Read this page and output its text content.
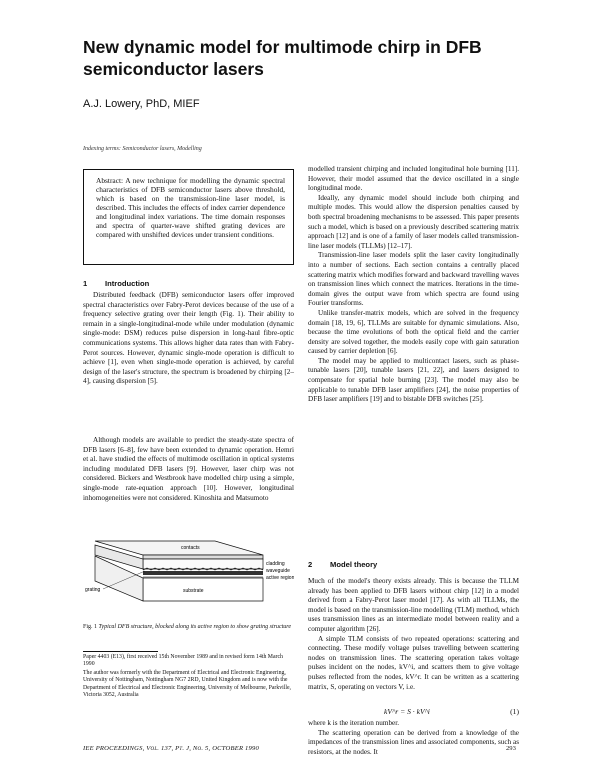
New dynamic model for multimode chirp in DFB semiconductor lasers
A.J. Lowery, PhD, MIEF
Indexing terms: Semiconductor lasers, Modelling
Abstract: A new technique for modelling the dynamic spectral characteristics of DFB semiconductor lasers above threshold, which is based on the transmission-line laser model, is described. This includes the effects of index carrier dependence and longitudinal index variations. The time domain responses and spectra of quarter-wave shifted grating devices are compared with unshifted devices under transient conditions.
1 Introduction

Distributed feedback (DFB) semiconductor lasers offer improved spectral characteristics over Fabry-Perot devices because of the use of a frequency selective grating over their length (Fig. 1). Their ability to remain in a single-longitudinal-mode while under modulation (dynamic single-mode: DSM) reduces pulse dispersion in long-haul fibre-optic communications systems. This allows higher data rates than with Fabry-Perot sources. However, dynamic single-mode operation is difficult to achieve [1], even when single-mode operation is achieved, by careful design of the laser's structure, the spectrum is broadened by chirping [2–4], causing dispersion [5].

Although models are available to predict the steady-state spectra of DFB lasers [6–8], few have been extended to dynamic operation. Hemri et al. have studied the effects of multimode oscillation in optical systems including modulated DFB lasers [9]. However, laser chirp was not considered. Bickers and Westbrook have modelled chirp using a simple, single-mode rate-equation approach [10]. However, longitudinal inhomogeneities were not considered. Kinoshita and Matsumoto

contacts
cladding
waveguide
active region
substrate
grating
Fig. 1 Typical DFB structure, blocked along its active region to show grating structure

Paper 4403 (E13), first received 15th November 1989 and in revised form 14th March 1990

The author was formerly with the Department of Electrical and Electronic Engineering, University of Nottingham, Nottingham NG7 2RD, United Kingdom and is now with the Department of Electrical and Electronic Engineering, University of Melbourne, Parkville, Victoria 3052, Australia

modelled transient chirping and included longitudinal hole burning [11]. However, their model assumed that the device oscillated in a single longitudinal mode.

Ideally, any dynamic model should include both chirping and multiple modes. This would allow the dispersion penalties caused by both spectral broadening mechanisms to be assessed. This paper presents such a model, which is based on a previously described scattering matrix approach [12] and is one of a family of laser models called transmission-line laser models (TLLMs) [12–17].

Transmission-line laser models split the laser cavity longitudinally into a number of sections. Each section contains a centrally placed scattering matrix which modifies forward and backward travelling waves on transmission lines which connect the matrices. Iterations in the time-domain gives the output wave from which spectra are found using Fourier transforms.

Unlike transfer-matrix models, which are solved in the frequency domain [18, 19, 6], TLLMs are suitable for dynamic simulations. Also, because the time evolutions of both the optical field and the carrier density are solved together, the models easily cope with gain saturation caused by carrier depletion [6].

The model may be applied to multicontact lasers, such as phase-tunable lasers [20], tunable lasers [21, 22], and lasers designed to compensate for spatial hole burning [23]. The model may also be applicable to tunable DFB laser amplifiers [24], the noise properties of DFB laser amplifiers [19] and to bistable DFB switches [25].

2 Model theory

Much of the model's theory exists already. This is because the TLLM already has been applied to DFB lasers without chirp [12] in a model derived from a Fabry-Perot laser model [17]. As with all TLLMs, the model is based on the transmission-line modelling (TLM) method, which uses transmission lines as an intermediate model between reality and a computer algorithm [26].

A simple TLM consists of two repeated operations: scattering and connecting. These modify voltage pulses travelling between scattering nodes on transmission lines. The scattering operation takes voltage pulses incident on the nodes, kV^i, and scatters them to give voltage pulses reflected from the nodes, kV^r. It can be written as a scattering matrix, S, operating on vectors V, i.e.

kV^r = S · kV^i	(1)

where k is the iteration number.

The scattering operation can be derived from a knowledge of the impedances of the transmission lines and associated components, such as resistors, at the nodes. It

IEE PROCEEDINGS, Vol. 137, Pt. J, No. 5, OCTOBER 1990	293
